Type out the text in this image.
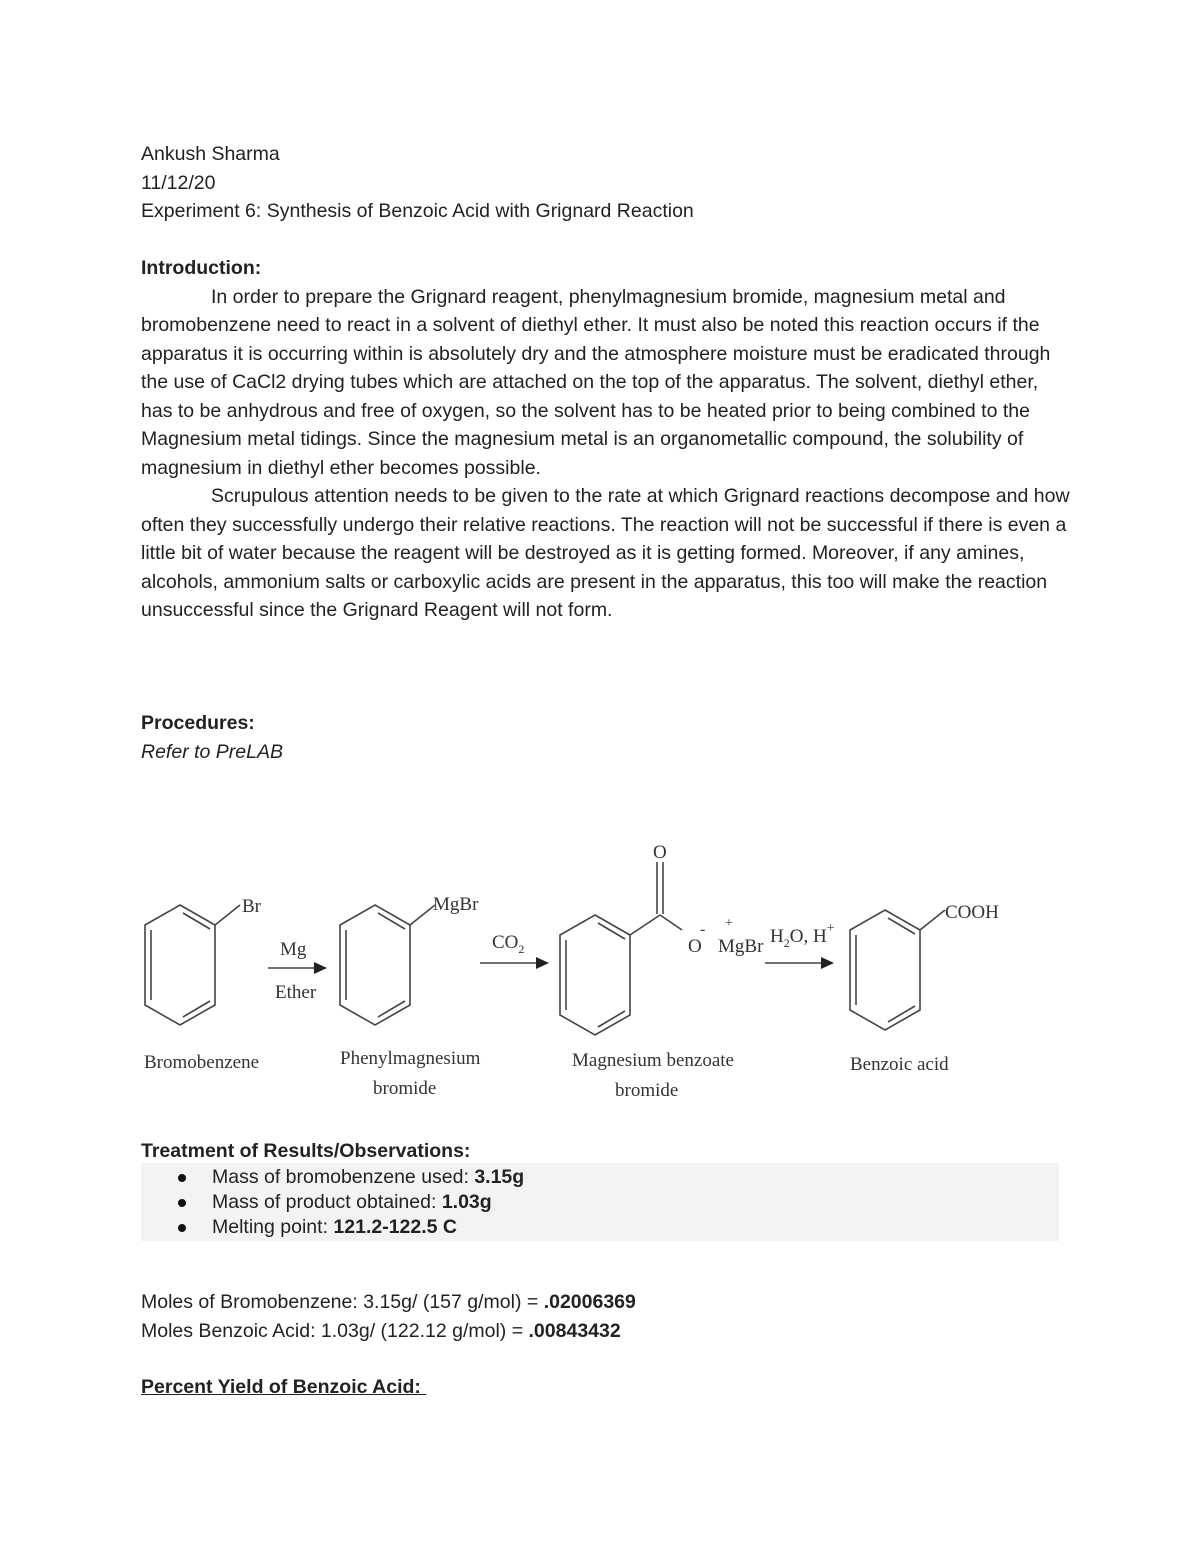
Ankush Sharma
11/12/20
Experiment 6: Synthesis of Benzoic Acid with Grignard Reaction
Introduction:

In order to prepare the Grignard reagent, phenylmagnesium bromide, magnesium metal and bromobenzene need to react in a solvent of diethyl ether. It must also be noted this reaction occurs if the apparatus it is occurring within is absolutely dry and the atmosphere moisture must be eradicated through the use of CaCl2 drying tubes which are attached on the top of the apparatus. The solvent, diethyl ether, has to be anhydrous and free of oxygen, so the solvent has to be heated prior to being combined to the Magnesium metal tidings. Since the magnesium metal is an organometallic compound, the solubility of magnesium in diethyl ether becomes possible.

Scrupulous attention needs to be given to the rate at which Grignard reactions decompose and how often they successfully undergo their relative reactions. The reaction will not be successful if there is even a little bit of water because the reagent will be destroyed as it is getting formed. Moreover, if any amines, alcohols, ammonium salts or carboxylic acids are present in the apparatus, this too will make the reaction unsuccessful since the Grignard Reagent will not form.

Procedures:
Refer to PreLAB
Br	MgBr
O
O
- +
MgBr
COOH
Mg
Ether
$CO_2$
$H_2O$, H+
Bromobenzene	Phenylmagnesium
bromide
Magnesium benzoate
bromide
Benzoic acid
Treatment of Results/Observations:
Mass of bromobenzene used: 3.15g
Mass of product obtained: 1.03g
Melting point: 121.2-122.5 C
Moles of Bromobenzene: 3.15g/ (157 g/mol) = .02006369
Moles Benzoic Acid: 1.03g/ (122.12 g/mol) = .00843432
Percent Yield of Benzoic Acid:
